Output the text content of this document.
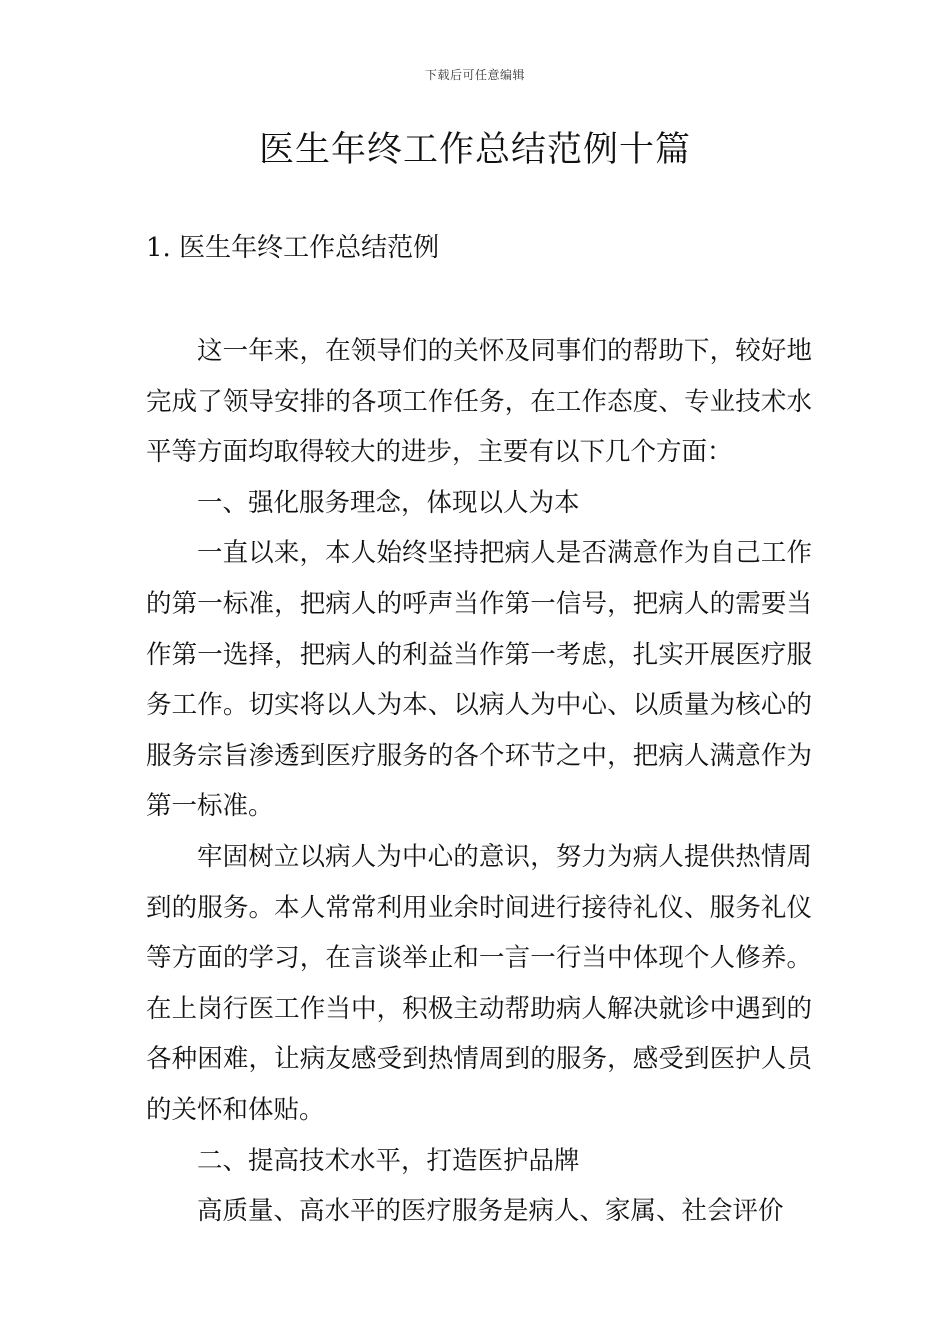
下载后可任意编辑
医生年终工作总结范例十篇
1. 医生年终工作总结范例

这一年来，在领导们的关怀及同事们的帮助下，较好地完成了领导安排的各项工作任务，在工作态度、专业技术水平等方面均取得较大的进步，主要有以下几个方面：

一、强化服务理念，体现以人为本

一直以来，本人始终坚持把病人是否满意作为自己工作的第一标准，把病人的呼声当作第一信号，把病人的需要当作第一选择，把病人的利益当作第一考虑，扎实开展医疗服务工作。切实将以人为本、以病人为中心、以质量为核心的服务宗旨渗透到医疗服务的各个环节之中，把病人满意作为第一标准。

牢固树立以病人为中心的意识，努力为病人提供热情周到的服务。本人常常利用业余时间进行接待礼仪、服务礼仪等方面的学习，在言谈举止和一言一行当中体现个人修养。在上岗行医工作当中，积极主动帮助病人解决就诊中遇到的各种困难，让病友感受到热情周到的服务，感受到医护人员的关怀和体贴。

二、提高技术水平，打造医护品牌

高质量、高水平的医疗服务是病人、家属、社会评价
